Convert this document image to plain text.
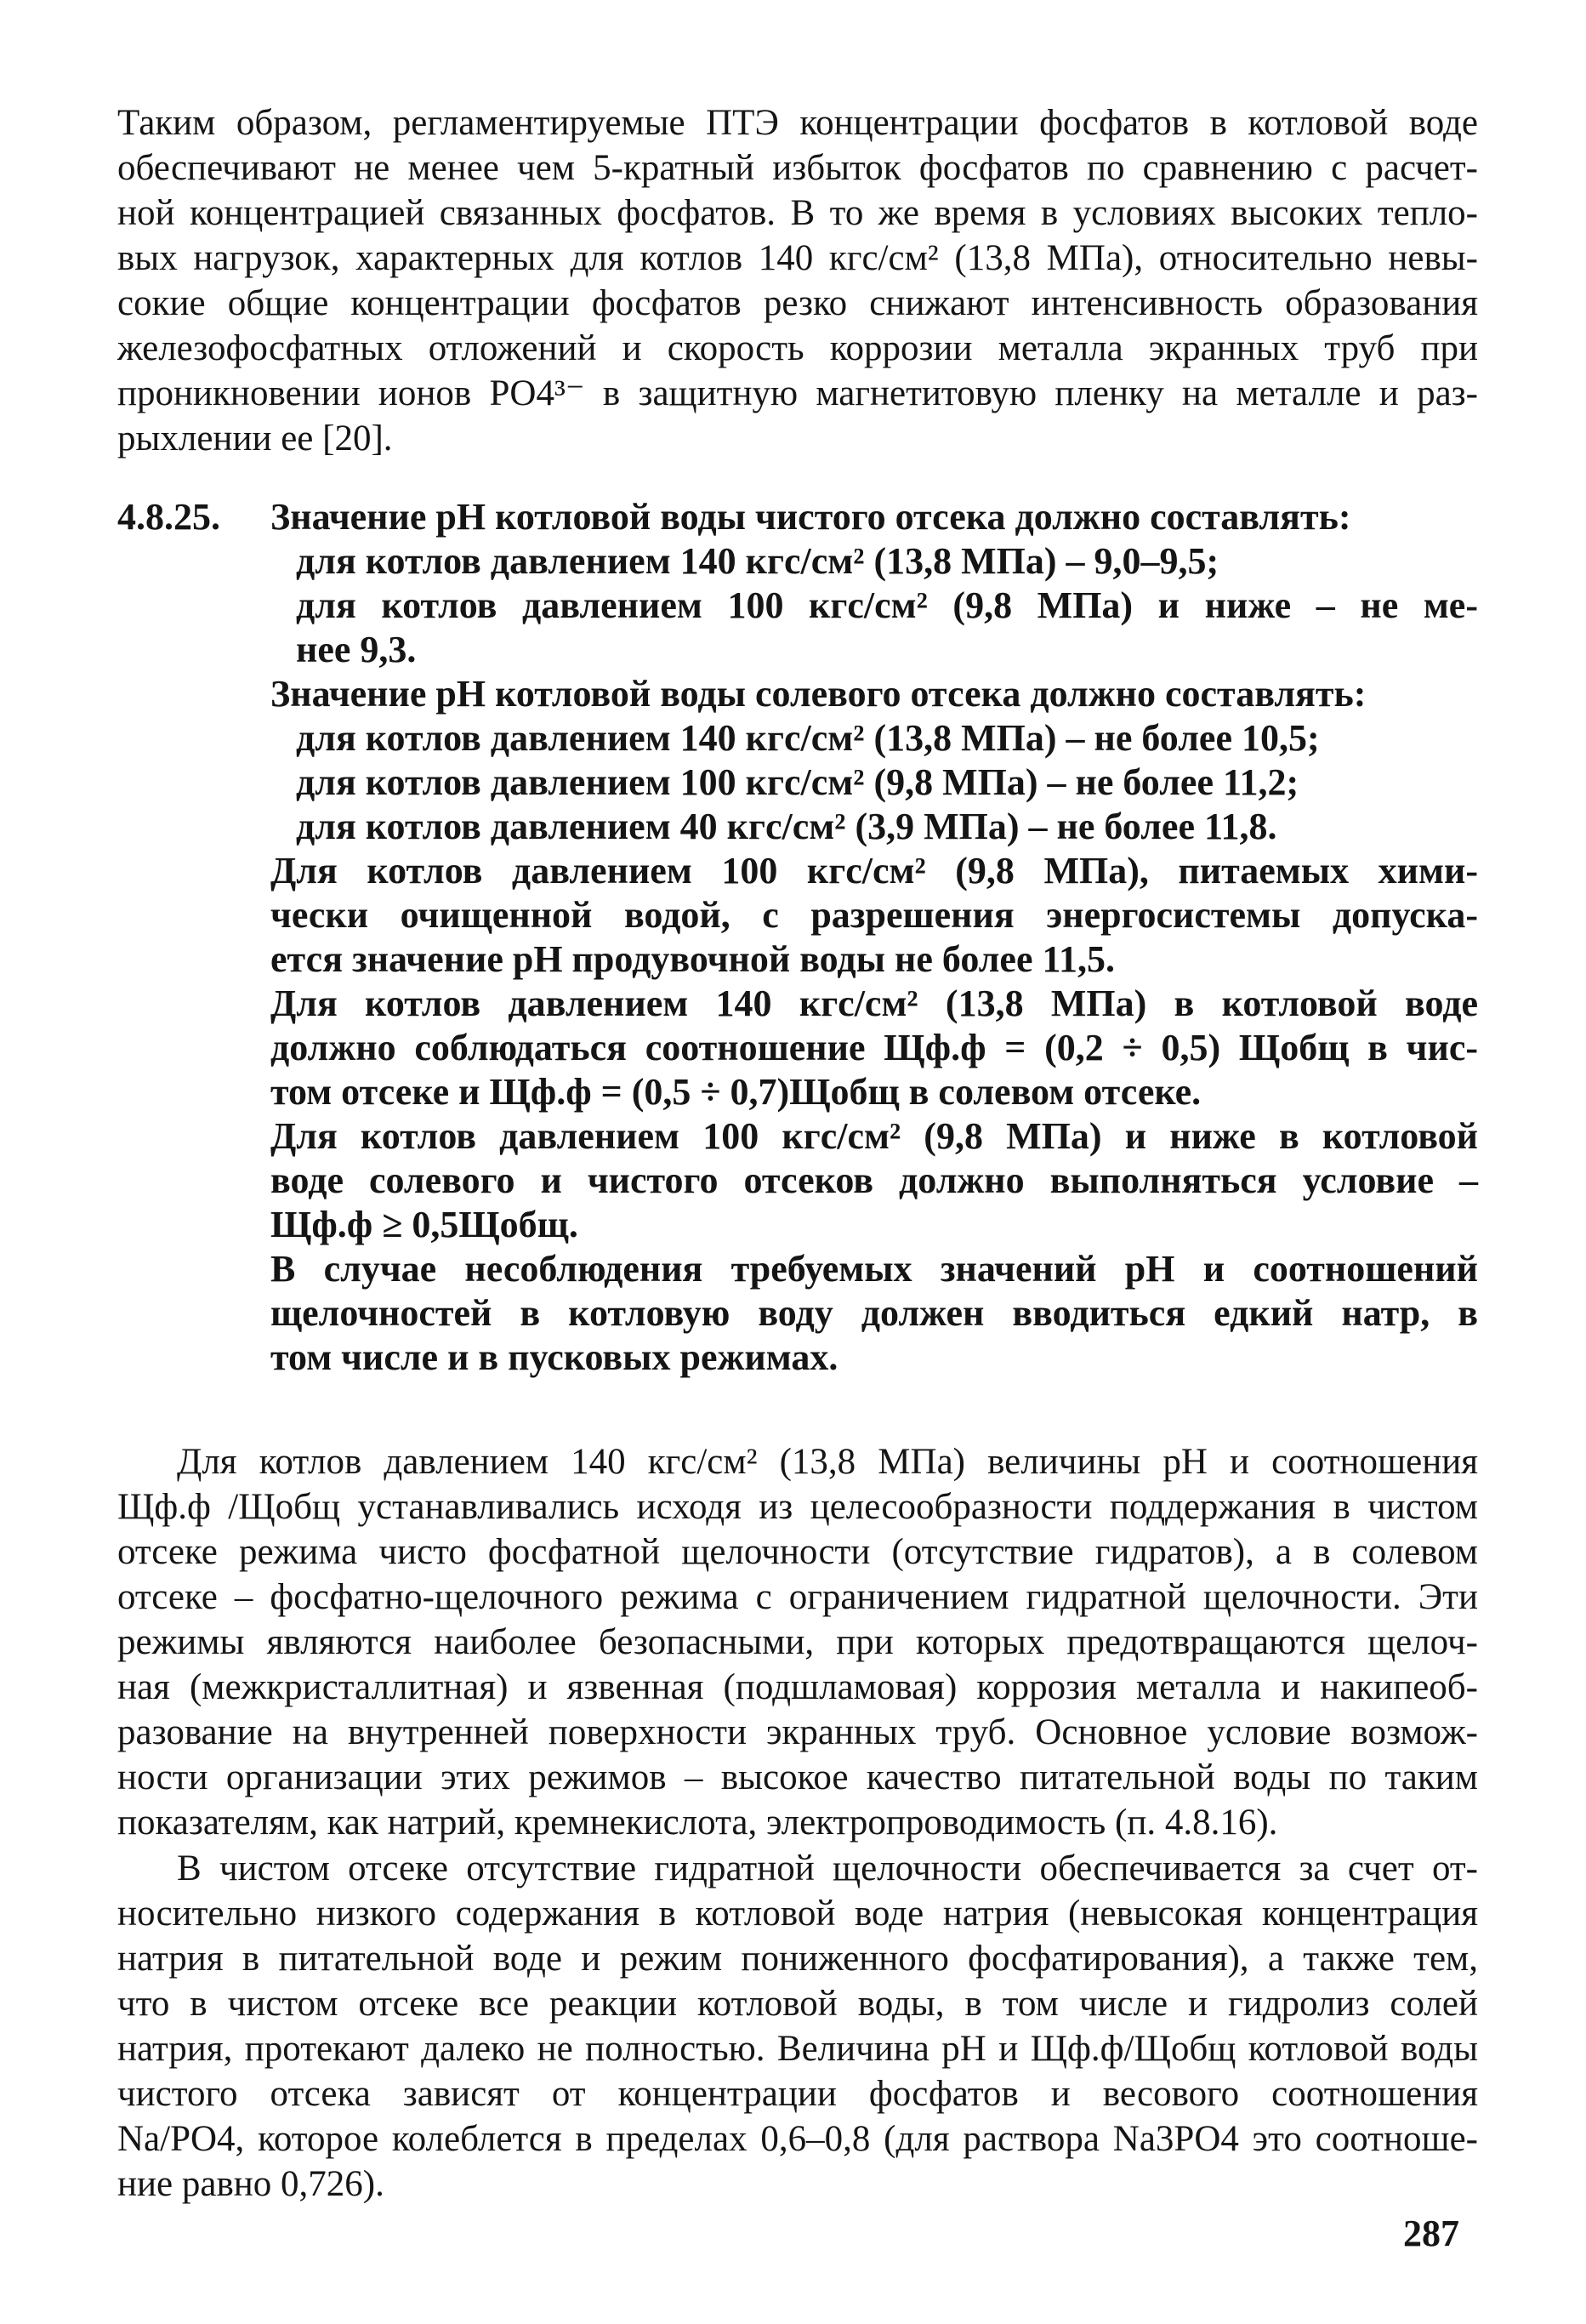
Таким образом, регламентируемые ПТЭ концентрации фосфатов в котловой воде
обеспечивают не менее чем 5-кратный избыток фосфатов по сравнению с расчет-
ной концентрацией связанных фосфатов. В то же время в условиях высоких тепло-
вых нагрузок, характерных для котлов 140 кгс/см² (13,8 МПа), относительно невы-
сокие общие концентрации фосфатов резко снижают интенсивность образования
железофосфатных отложений и скорость коррозии металла экранных труб при
проникновении ионов PO4³⁻ в защитную магнетитовую пленку на металле и раз-
рыхлении ее [20].
4.8.25. Значение pH котловой воды чистого отсека должно составлять:
для котлов давлением 140 кгс/см² (13,8 МПа) – 9,0–9,5;
для котлов давлением 100 кгс/см² (9,8 МПа) и ниже – не ме-
нее 9,3.
Значение pH котловой воды солевого отсека должно составлять:
для котлов давлением 140 кгс/см² (13,8 МПа) – не более 10,5;
для котлов давлением 100 кгс/см² (9,8 МПа) – не более 11,2;
для котлов давлением 40 кгс/см² (3,9 МПа) – не более 11,8.
Для котлов давлением 100 кгс/см² (9,8 МПа), питаемых хими-
чески очищенной водой, с разрешения энергосистемы допуска-
ется значение pH продувочной воды не более 11,5.
Для котлов давлением 140 кгс/см² (13,8 МПа) в котловой воде
должно соблюдаться соотношение Щф.ф = (0,2 ÷ 0,5) Щобщ в чис-
том отсеке и Щф.ф = (0,5 ÷ 0,7)Щобщ в солевом отсеке.
Для котлов давлением 100 кгс/см² (9,8 МПа) и ниже в котловой
воде солевого и чистого отсеков должно выполняться условие –
Щф.ф ≥ 0,5Щобщ.
В случае несоблюдения требуемых значений pH и соотношений
щелочностей в котловую воду должен вводиться едкий натр, в
том числе и в пусковых режимах.
Для котлов давлением 140 кгс/см² (13,8 МПа) величины pH и соотношения
Щф.ф /Щобщ устанавливались исходя из целесообразности поддержания в чистом
отсеке режима чисто фосфатной щелочности (отсутствие гидратов), а в солевом
отсеке – фосфатно-щелочного режима с ограничением гидратной щелочности. Эти
режимы являются наиболее безопасными, при которых предотвращаются щелоч-
ная (межкристаллитная) и язвенная (подшламовая) коррозия металла и накипеоб-
разование на внутренней поверхности экранных труб. Основное условие возмож-
ности организации этих режимов – высокое качество питательной воды по таким
показателям, как натрий, кремнекислота, электропроводимость (п. 4.8.16).
В чистом отсеке отсутствие гидратной щелочности обеспечивается за счет от-
носительно низкого содержания в котловой воде натрия (невысокая концентрация
натрия в питательной воде и режим пониженного фосфатирования), а также тем,
что в чистом отсеке все реакции котловой воды, в том числе и гидролиз солей
натрия, протекают далеко не полностью. Величина pH и Щф.ф/Щобщ котловой воды
чистого отсека зависят от концентрации фосфатов и весового соотношения
Na/PO4, которое колеблется в пределах 0,6–0,8 (для раствора Na3PO4 это соотноше-
ние равно 0,726).
287
